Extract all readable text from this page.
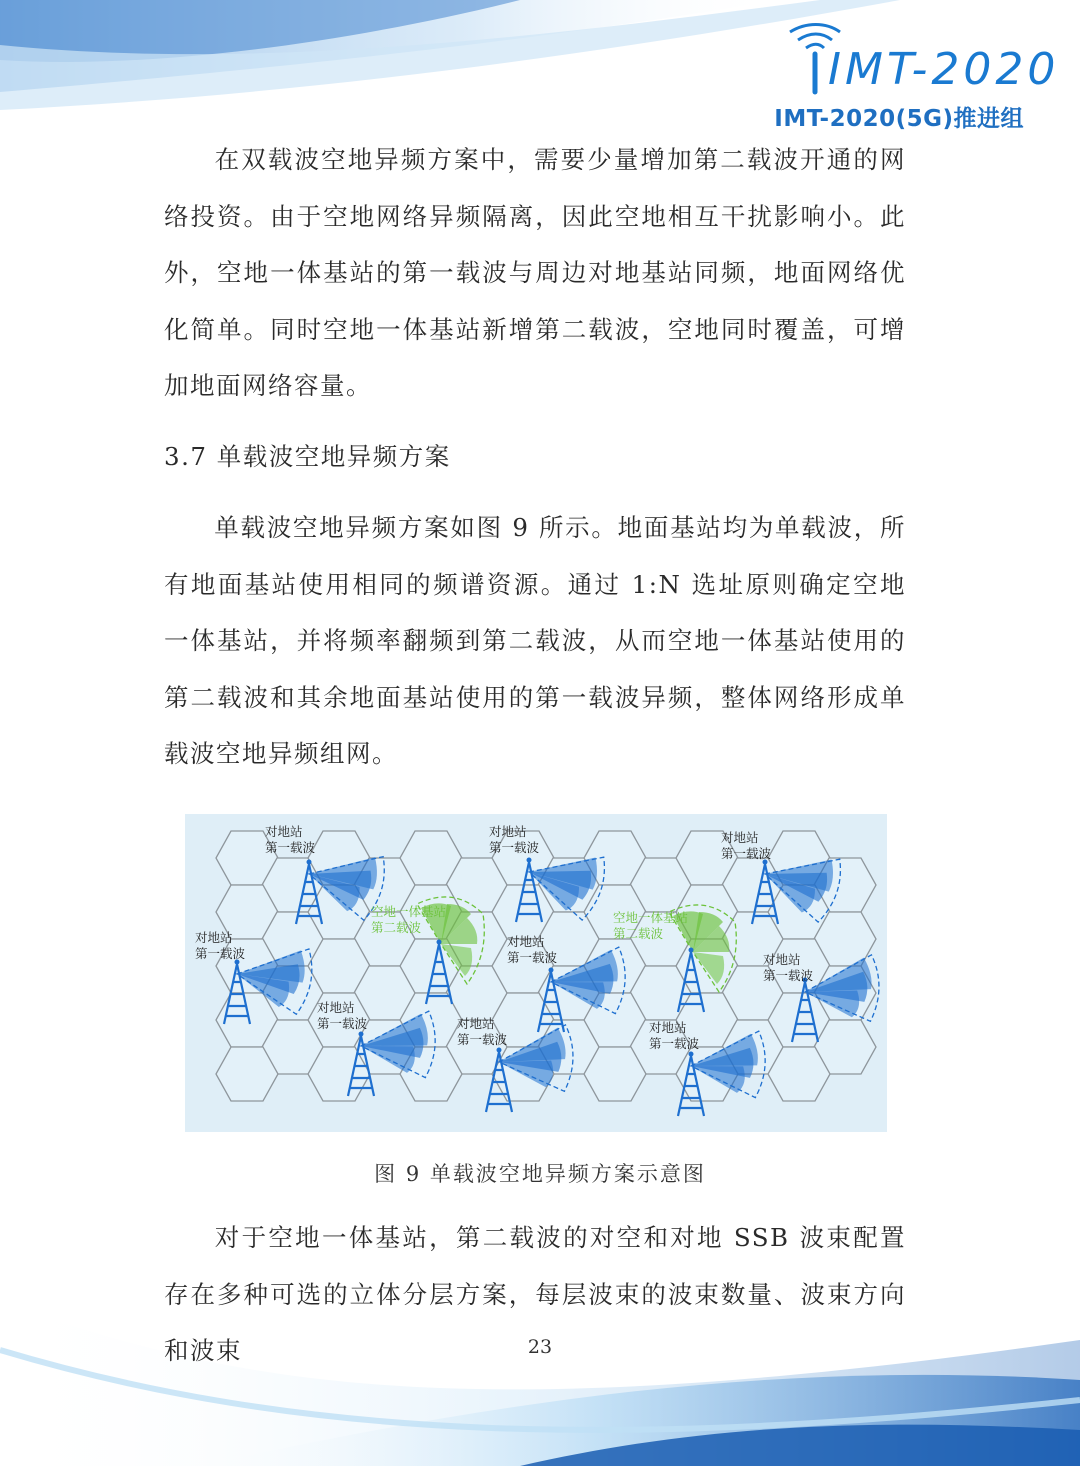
IMT-2020
IMT-2020(5G)推进组

在双载波空地异频方案中，需要少量增加第二载波开通的网络投资。由于空地网络异频隔离，因此空地相互干扰影响小。此外，空地一体基站的第一载波与周边对地基站同频，地面网络优化简单。同时空地一体基站新增第二载波，空地同时覆盖，可增加地面网络容量。

3.7 单载波空地异频方案

单载波空地异频方案如图 9 所示。地面基站均为单载波，所有地面基站使用相同的频谱资源。通过 1:N 选址原则确定空地一体基站，并将频率翻频到第二载波，从而空地一体基站使用的第二载波和其余地面基站使用的第一载波异频，整体网络形成单载波空地异频组网。

对于空地一体基站，第二载波的对空和对地 SSB 波束配置存在多种可选的立体分层方案，每层波束的波束数量、波束方向和波束

图 9 单载波空地异频方案示意图
23
对地站
第一载波
对地站
第一载波
对地站
第一载波
对地站
第一载波
对地站
第一载波	对地站
第一载波
对地站
第一载波	对地站
第一载波
对地站
第一载波
空地一体基站
第二载波
空地一体基站
第二载波
